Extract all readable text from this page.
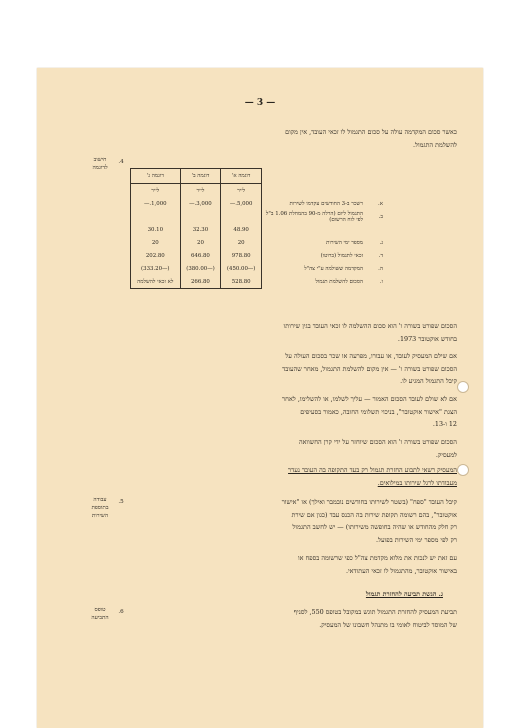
— 3 —
כאשר סכום המקדמה עולה על סכום התגמול לו זכאי העובד, אין מקום
להשלמת התגמול.
4.
חישוב
לדוגמה
		דוגמה א'	דוגמה ב'	דוגמה ג'
		לייר	לייר	לייר
א.	רשכר ב-3 החודשים עקדמו לשירות	5,000.—	3,000.—	1,000.—
ב.	התגמול ליום (הרלה מ-90 בהמחלת 1.06 ב"ל לפי לוח הרשום)			
		48.90	32.30	30.10
ג.	מספר ימי השירות	20	20	20
ד.	זכאי לתגמול (ברוטו)	978.80	646.80	202.80
ה.	המקדמה ששולמה ע"י צה"ל	(—450.00)	(—380.00)	(—333.20)
ו.	הסכום להשלמת תגמול	528.80	266.80	לא זכאי להשלמה
הסכום שפורט בשורה ו' הוא סכום ההשלמה לו זכאי העובד בגין שירותו
בחודש אוקטובר 1973.
אם שילם המעסיק לעובד, או עבורו, מפרעה או שכר בסכום העולה על
הסכום שפורט בשורה ו' — אין מקום להשלמת התגמול, מאחר שהעובד
קיבל התגמול המגיע לו.
אם לא שולם לעובד הסכום האמור — עליך לשלמו, או להשלימו, לאחר
הצגת "אישור אוקטובר", בניכוי תשלומי החובה, כאמור בסעיפים
12 ו-13.
הסכום שפורט בשורה ו' הוא הסכום שיוחזר על ידי קרן החשוואה
למעסיק.
המעסיק רשאי לתבוע החזרת תגמול רק בעד התקופה בה העובד נעדר
מעבודתו לרגל שירותו במילואים.
5.
עבודה
בתוספת
השירות
קיבל העובד "ספח" (בשטר לשירותו בחודשים נובמבר ואילך) או "אישור
אוקטובר", בהם רשומה תקופת שירות בה הכנס עבד (כגון אם שירת
רק חלק מהחודש או שהיה בחופשה משירותו) — יש לחשב התגמול
רק לפי מספר ימי השירות בפועל.
עם זאת יש לנכות את מלוא מקדמת צה"ל כפי שרשומה בספח או
באישור אוקטובר, מהתגמול לו זכאי העתודאי.
ג. הגשת תביעה להחזרת תגמול
6.
טופס
התביעה
תביעת המעסיק להחזרת התגמול תוגש במקובל בטופס 550, לסניף
של המוסד לביטוח לאומי בו מתנהל חשבונו של המעסיק.
